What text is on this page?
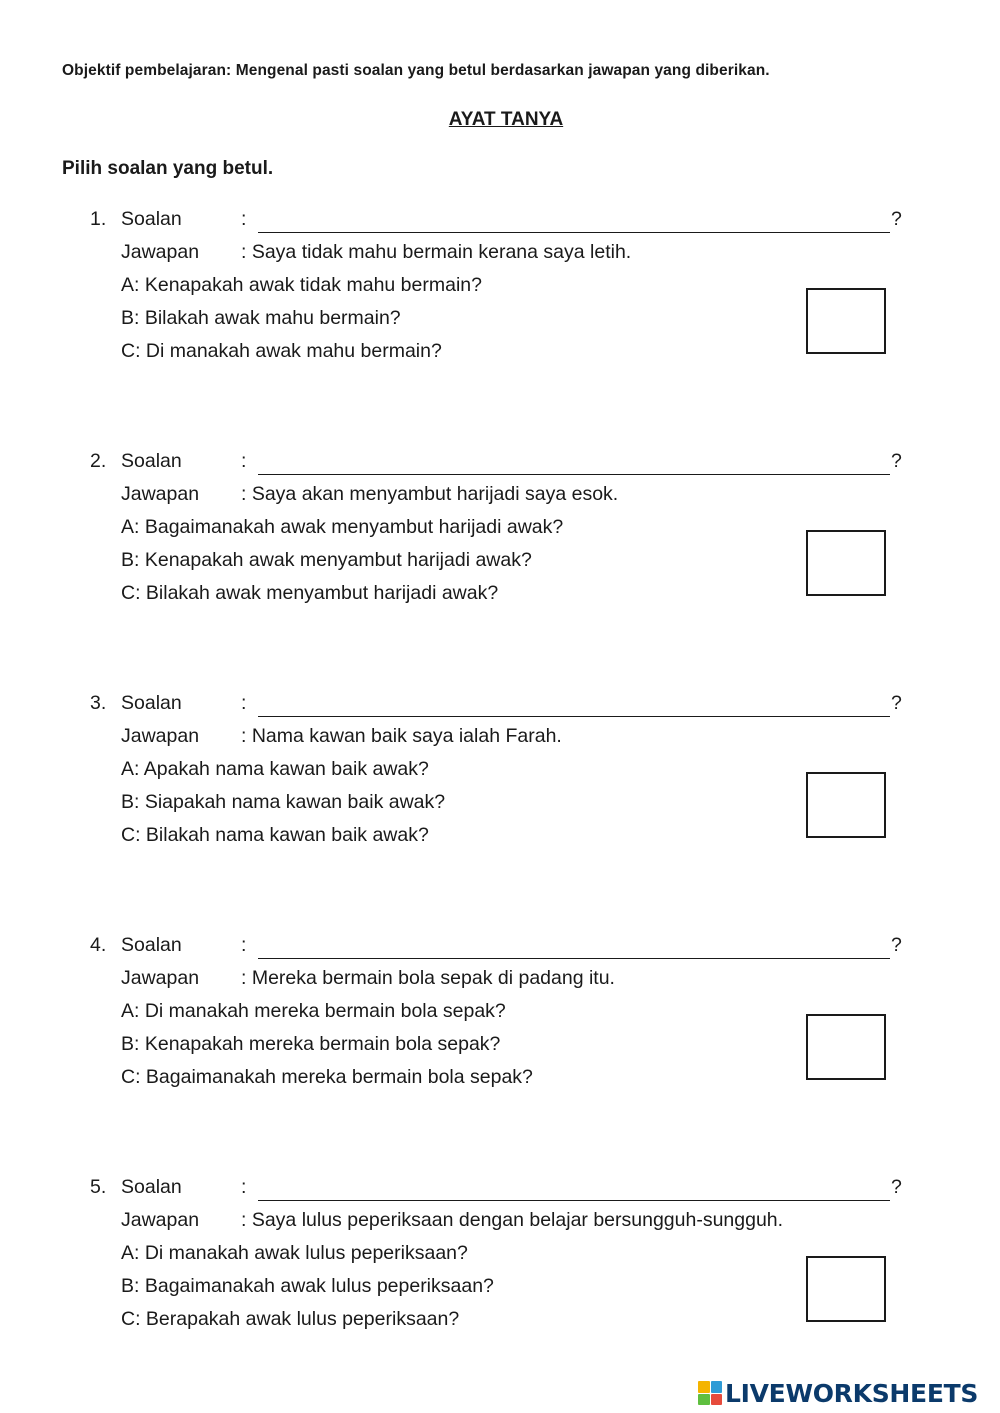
Objektif pembelajaran: Mengenal pasti soalan yang betul berdasarkan jawapan yang diberikan.
AYAT TANYA
Pilih soalan yang betul.
1. Soalan	:	?
Jawapan : Saya tidak mahu bermain kerana saya letih.
A: Kenapakah awak tidak mahu bermain?
B: Bilakah awak mahu bermain?
C: Di manakah awak mahu bermain?
2. Soalan	:	?
Jawapan : Saya akan menyambut harijadi saya esok.
A: Bagaimanakah awak menyambut harijadi awak?
B: Kenapakah awak menyambut harijadi awak?
C: Bilakah awak menyambut harijadi awak?
3. Soalan	:	?
Jawapan : Nama kawan baik saya ialah Farah.
A: Apakah nama kawan baik awak?
B: Siapakah nama kawan baik awak?
C: Bilakah nama kawan baik awak?
4. Soalan	:	?
Jawapan : Mereka bermain bola sepak di padang itu.
A: Di manakah mereka bermain bola sepak?
B: Kenapakah mereka bermain bola sepak?
C: Bagaimanakah mereka bermain bola sepak?
5. Soalan	:	?
Jawapan : Saya lulus peperiksaan dengan belajar bersungguh-sungguh.
A: Di manakah awak lulus peperiksaan?
B: Bagaimanakah awak lulus peperiksaan?
C: Berapakah awak lulus peperiksaan?
LIVEWORKSHEETS
